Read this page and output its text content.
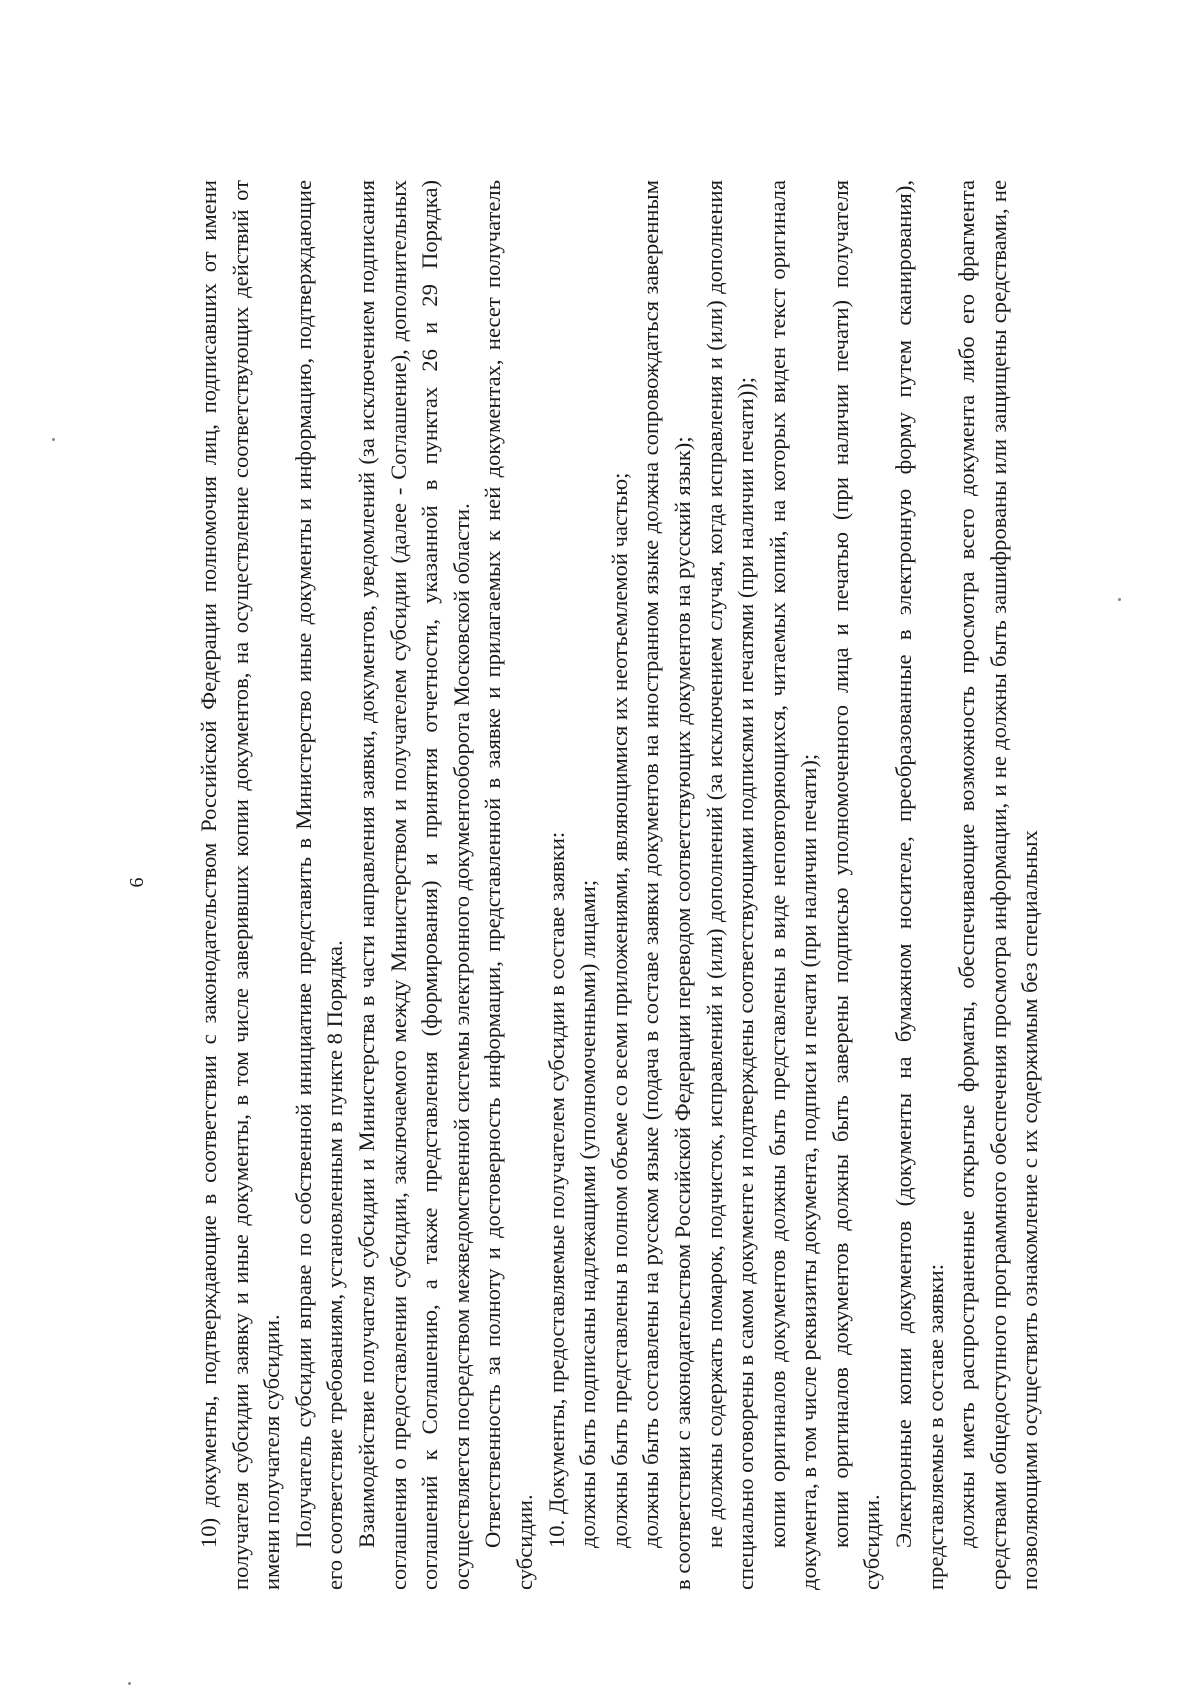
6 10) документы, подтверждающие в соответствии с законодательством Российской Федерации полномочия лиц, подписавших от имени получателя субсидии заявку и иные документы, в том числе заверивших копии документов, на осуществление соответствующих действий от имени получателя субсидии. Получатель субсидии вправе по собственной инициативе представить в Министерство иные документы и информацию, подтверждающие его соответствие требованиям, установленным в пункте 8 Порядка. Взаимодействие получателя субсидии и Министерства в части направления заявки, документов, уведомлений (за исключением подписания соглашения о предоставлении субсидии, заключаемого между Министерством и получателем субсидии (далее - Соглашение), дополнительных соглашений к Соглашению, а также представления (формирования) и принятия отчетности, указанной в пунктах 26 и 29 Порядка) осуществляется посредством межведомственной системы электронного документооборота Московской области. Ответственность за полноту и достоверность информации, представленной в заявке и прилагаемых к ней документах, несет получатель субсидии. 10. Документы, предоставляемые получателем субсидии в составе заявки: должны быть подписаны надлежащими (уполномоченными) лицами; должны быть представлены в полном объеме со всеми приложениями, являющимися их неотъемлемой частью; должны быть составлены на русском языке (подача в составе заявки документов на иностранном языке должна сопровождаться заверенным в соответствии с законодательством Российской Федерации переводом соответствующих документов на русский язык); не должны содержать помарок, подчисток, исправлений и (или) дополнений (за исключением случая, когда исправления и (или) дополнения специально оговорены в самом документе и подтверждены соответствующими подписями и печатями (при наличии печати)); копии оригиналов документов должны быть представлены в виде неповторяющихся, читаемых копий, на которых виден текст оригинала документа, в том числе реквизиты документа, подписи и печати (при наличии печати); копии оригиналов документов должны быть заверены подписью уполномоченного лица и печатью (при наличии печати) получателя субсидии. Электронные копии документов (документы на бумажном носителе, преобразованные в электронную форму путем сканирования), представляемые в составе заявки: должны иметь распространенные открытые форматы, обеспечивающие возможность просмотра всего документа либо его фрагмента средствами общедоступного программного обеспечения просмотра информации, и не должны быть зашифрованы или защищены средствами, не позволяющими осуществить ознакомление с их содержимым без специальных
